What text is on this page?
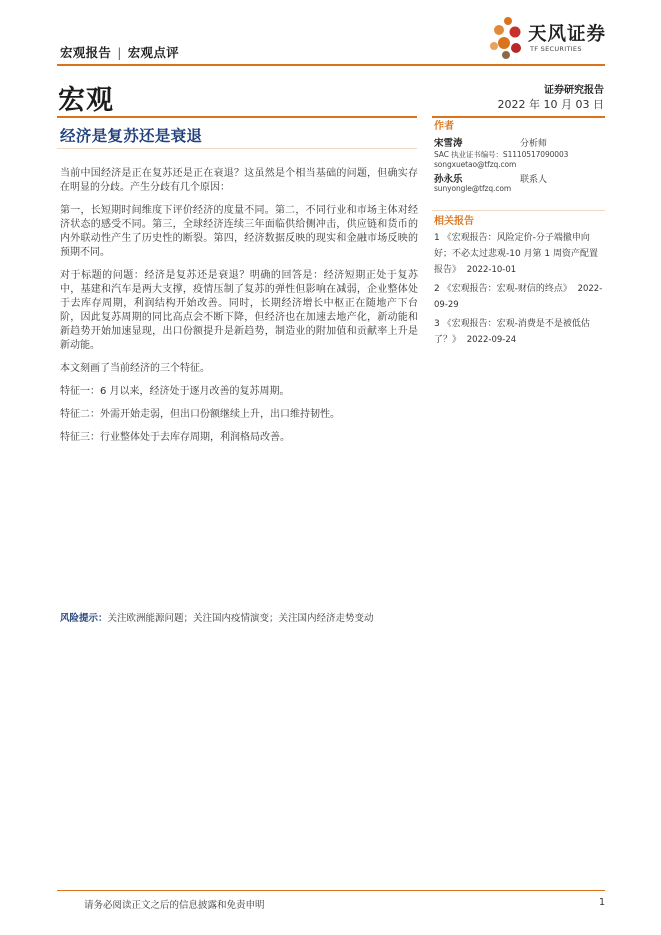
宏观报告 | 宏观点评
天风证券
TF SECURITIES
宏观	证券研究报告
2022 年 10 月 03 日
经济是复苏还是衰退

当前中国经济是正在复苏还是正在衰退？这虽然是个相当基础的问题，但确实存在明显的分歧。产生分歧有几个原因：

第一，长短期时间维度下评价经济的度量不同。第二，不同行业和市场主体对经济状态的感受不同。第三，全球经济连续三年面临供给侧冲击，供应链和货币的内外联动性产生了历史性的断裂。第四，经济数据反映的现实和金融市场反映的预期不同。

对于标题的问题：经济是复苏还是衰退？明确的回答是：经济短期正处于复苏中，基建和汽车是两大支撑，疫情压制了复苏的弹性但影响在减弱，企业整体处于去库存周期，利润结构开始改善。同时，长期经济增长中枢正在随地产下台阶，因此复苏周期的同比高点会不断下降，但经济也在加速去地产化，新动能和新趋势开始加速显现，出口份额提升是新趋势，制造业的附加值和贡献率上升是新动能。

本文刻画了当前经济的三个特征。

特征一：6 月以来，经济处于逐月改善的复苏周期。

特征二：外需开始走弱，但出口份额继续上升，出口维持韧性。

特征三：行业整体处于去库存周期，利润格局改善。

风险提示：关注欧洲能源问题；关注国内疫情演变；关注国内经济走势变动
作者
宋雪涛	分析师
SAC 执业证书编号：S1110517090003
songxuetao@tfzq.com
孙永乐	联系人
sunyongle@tfzq.com
相关报告

1 《宏观报告：风险定价-分子端撤申向好；不必太过悲观-10 月第 1 周资产配置报告》 2022-10-01

2 《宏观报告：宏观-财信的终点》 2022-09-29

3 《宏观报告：宏观-消费是不是被低估了？》 2022-09-24

请务必阅读正文之后的信息披露和免责申明	1
